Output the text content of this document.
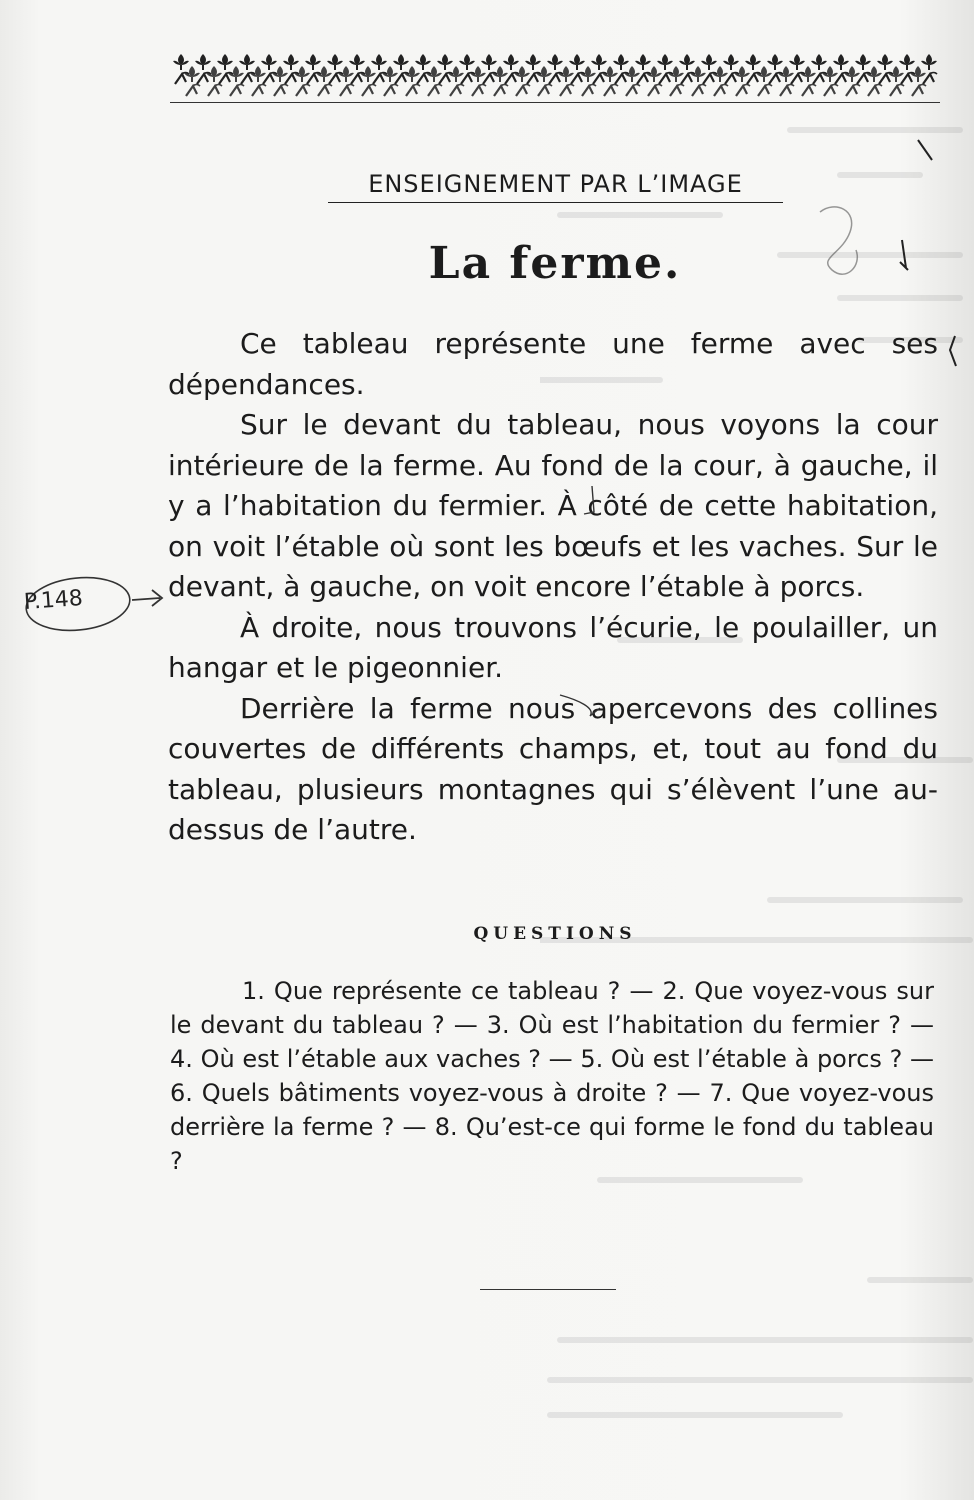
ENSEIGNEMENT PAR L’IMAGE
La ferme.

Ce tableau représente une ferme avec ses dépendances.

Sur le devant du tableau, nous voyons la cour intérieure de la ferme. Au fond de la cour, à gauche, il y a l’habitation du fermier. À côté de cette habitation, on voit l’étable où sont les bœufs et les vaches. Sur le devant, à gauche, on voit encore l’étable à porcs.

À droite, nous trouvons l’écurie, le poulailler, un hangar et le pigeonnier.

Derrière la ferme nous apercevons des collines couvertes de différents champs, et, tout au fond du tableau, plusieurs montagnes qui s’élèvent l’une au-dessus de l’autre.

QUESTIONS

1. Que représente ce tableau ? — 2. Que voyez-vous sur le devant du tableau ? — 3. Où est l’habitation du fermier ? — 4. Où est l’étable aux vaches ? — 5. Où est l’étable à porcs ? — 6. Quels bâtiments voyez-vous à droite ? — 7. Que voyez-vous derrière la ferme ? — 8. Qu’est-ce qui forme le fond du tableau ?

P.148
